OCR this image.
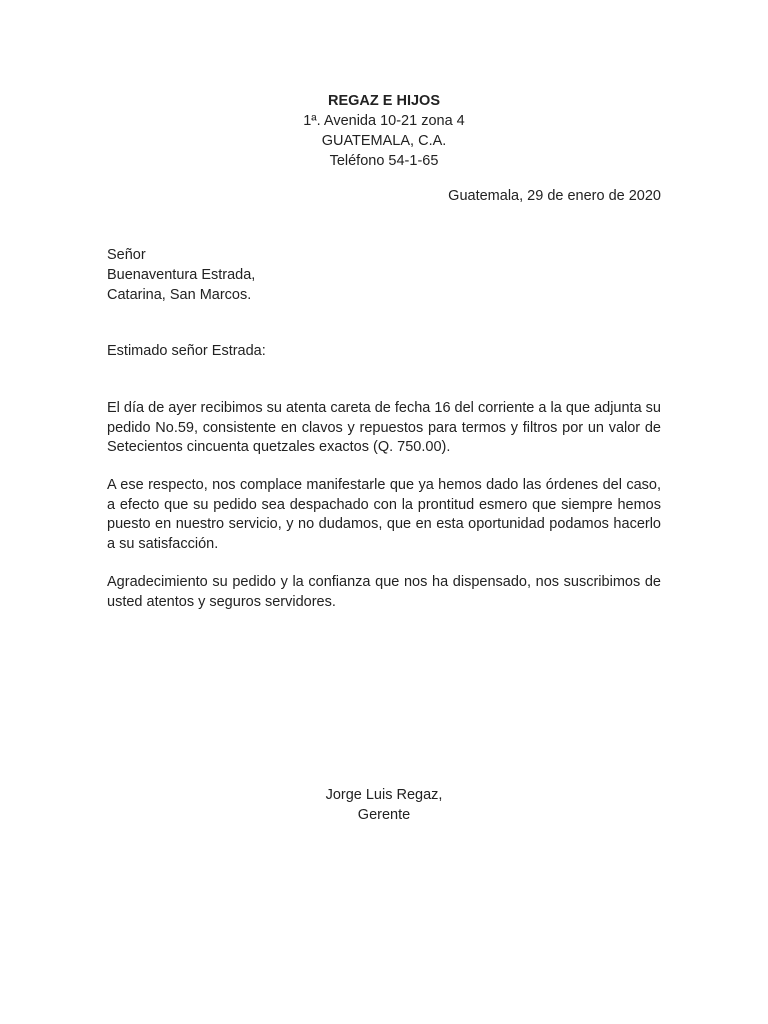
REGAZ E HIJOS
1ª. Avenida 10-21 zona 4
GUATEMALA, C.A.
Teléfono 54-1-65
Guatemala, 29 de enero de 2020
Señor
Buenaventura Estrada,
Catarina, San Marcos.
Estimado señor Estrada:

El día de ayer recibimos su atenta careta de fecha 16 del corriente a la que adjunta su pedido No.59, consistente en clavos y repuestos para termos y filtros por un valor de Setecientos cincuenta quetzales exactos (Q. 750.00).

A ese respecto, nos complace manifestarle que ya hemos dado las órdenes del caso, a efecto que su pedido sea despachado con la prontitud esmero que siempre hemos puesto en nuestro servicio, y no dudamos, que en esta oportunidad podamos hacerlo a su satisfacción.

Agradecimiento su pedido y la confianza que nos ha dispensado, nos suscribimos de usted atentos y seguros servidores.

Jorge Luis Regaz,
Gerente
